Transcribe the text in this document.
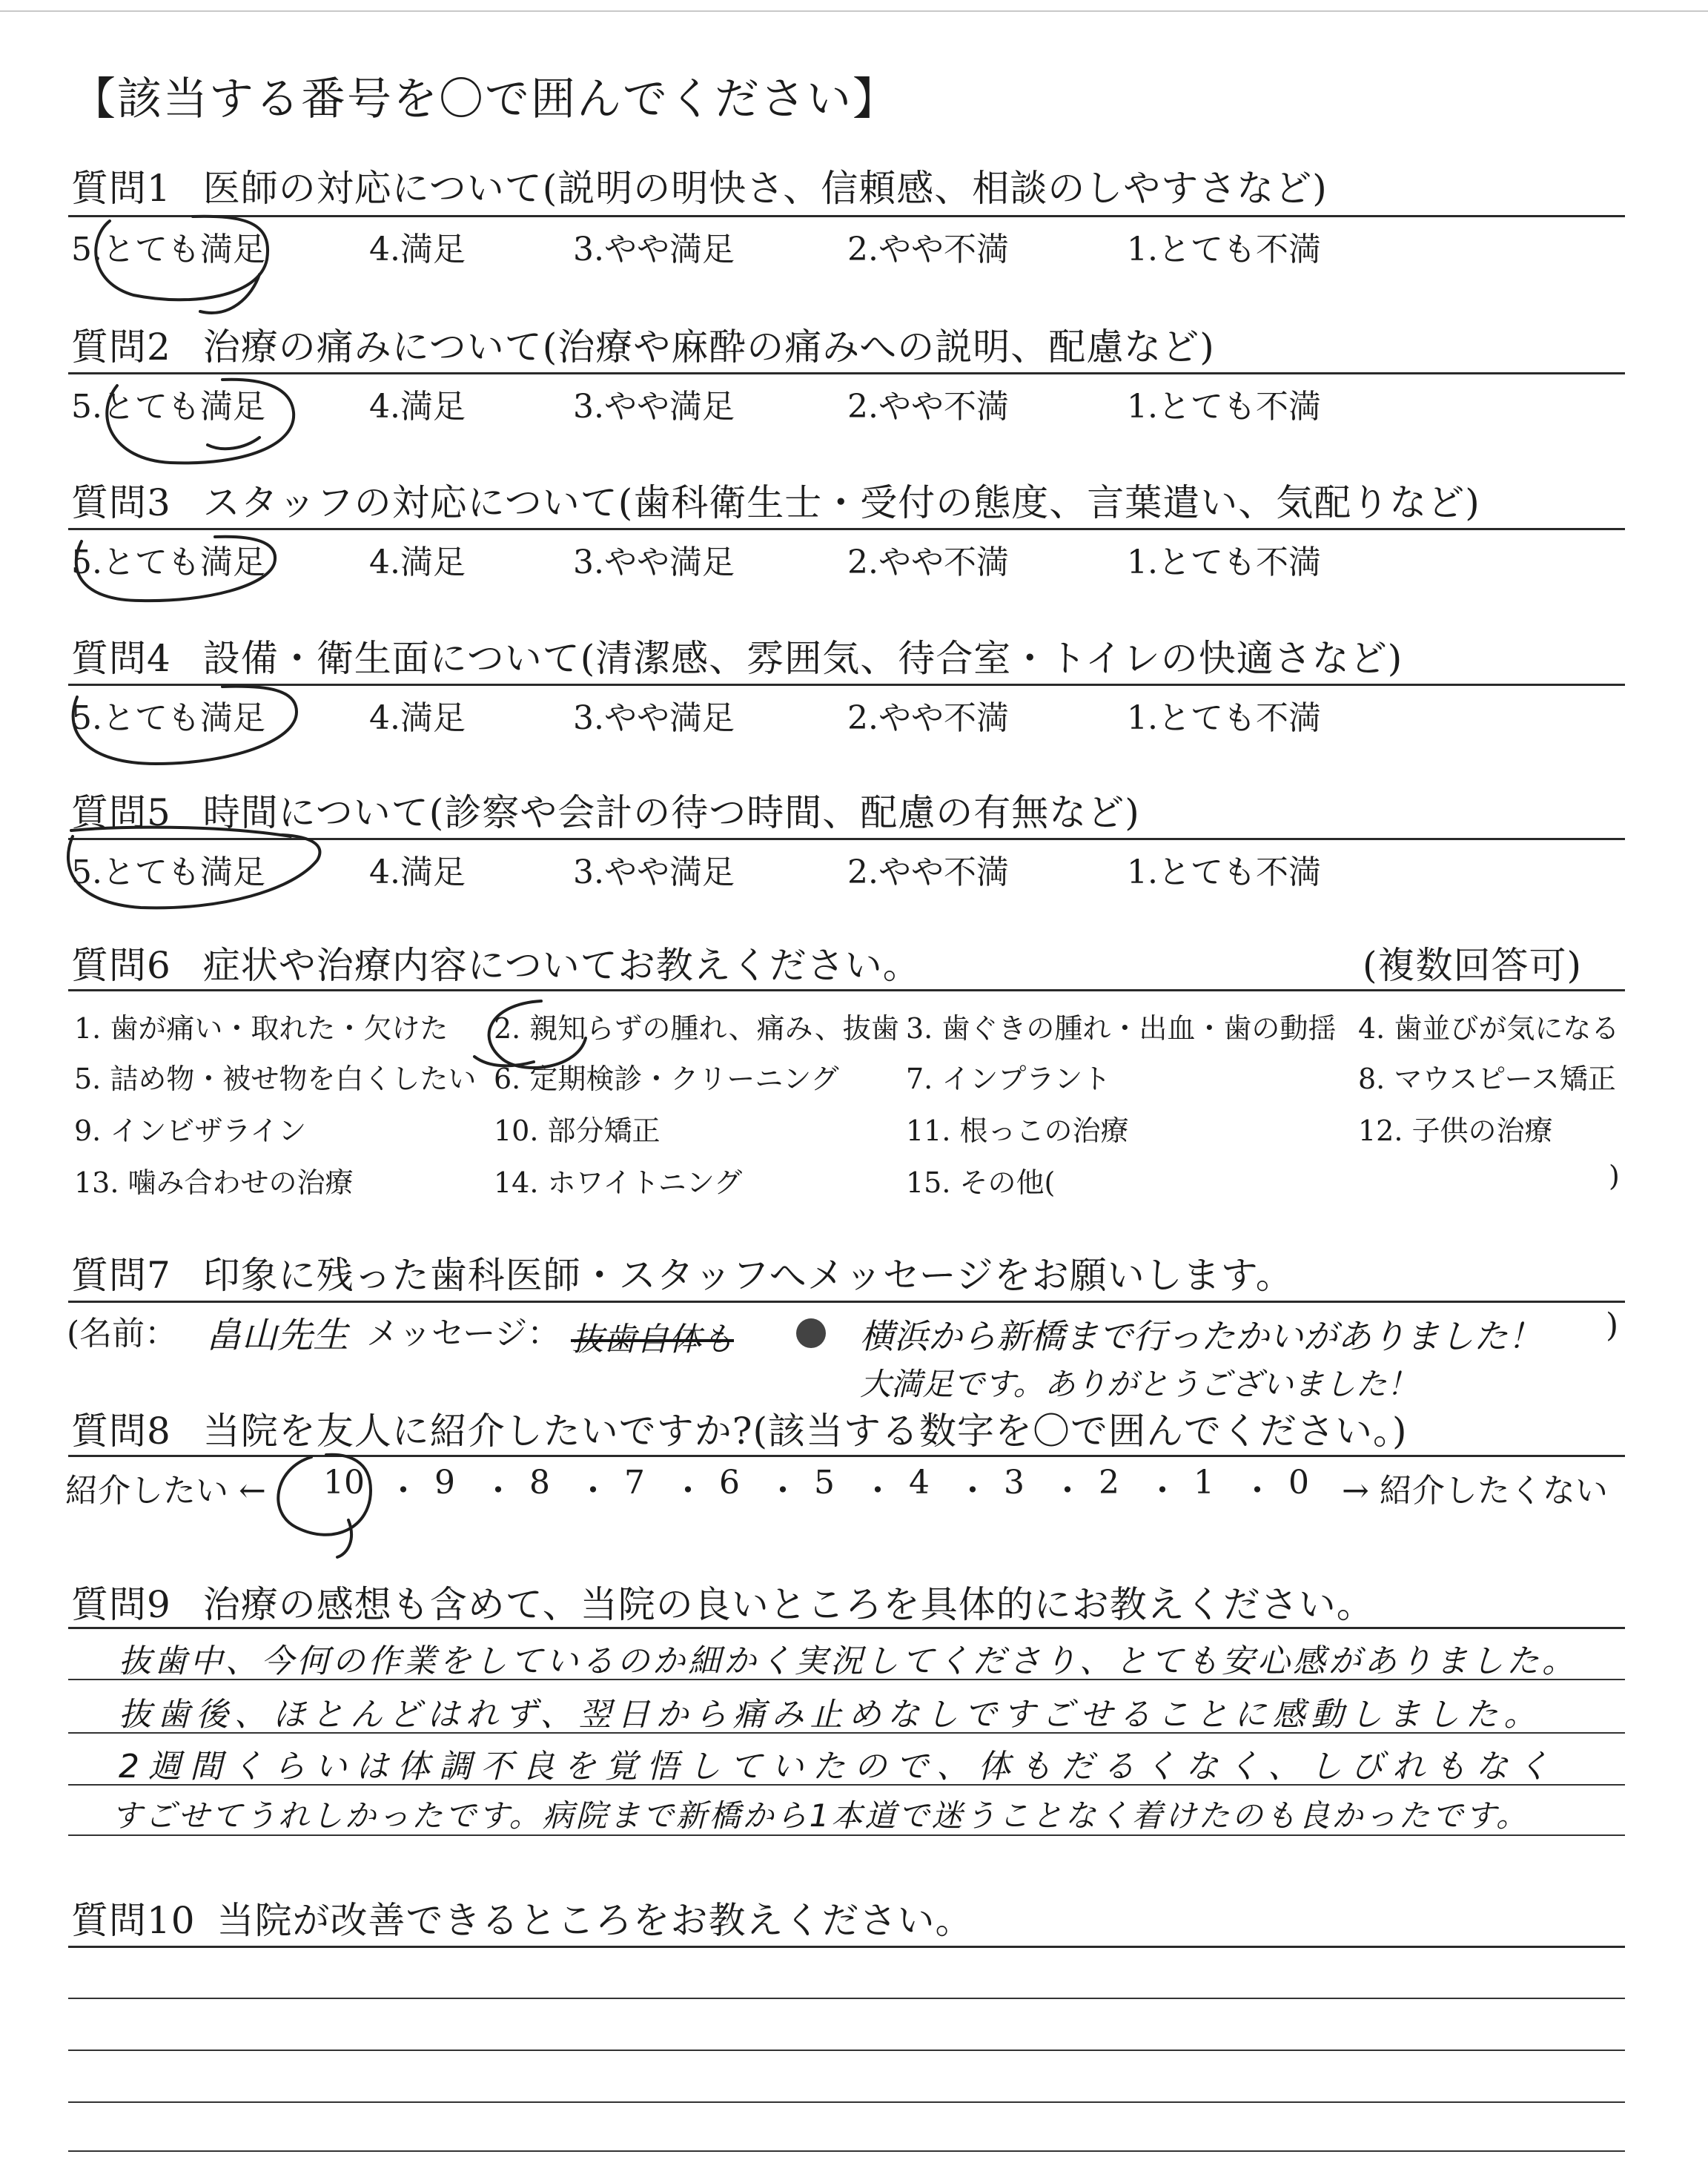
【該当する番号を〇で囲んでください】
質問1 医師の対応について(説明の明快さ、信頼感、相談のしやすさなど)
5.とても満足	4.満足	3.やや満足	2.やや不満	1.とても不満
質問2 治療の痛みについて(治療や麻酔の痛みへの説明、配慮など)
5.とても満足	4.満足	3.やや満足	2.やや不満	1.とても不満
質問3 スタッフの対応について(歯科衛生士・受付の態度、言葉遣い、気配りなど)
5.とても満足	4.満足	3.やや満足	2.やや不満	1.とても不満
質問4 設備・衛生面について(清潔感、雰囲気、待合室・トイレの快適さなど)
5.とても満足	4.満足	3.やや満足	2.やや不満	1.とても不満
質問5 時間について(診察や会計の待つ時間、配慮の有無など)
5.とても満足	4.満足	3.やや満足	2.やや不満	1.とても不満
質問6 症状や治療内容についてお教えください。	(複数回答可)
1. 歯が痛い・取れた・欠けた 2. 親知らずの腫れ、痛み、抜歯 3. 歯ぐきの腫れ・出血・歯の動揺 4. 歯並びが気になる
5. 詰め物・被せ物を白くしたい 6. 定期検診・クリーニング 7. インプラント	8. マウスピース矯正
9. インビザライン	10. 部分矯正	11. 根っこの治療	12. 子供の治療
13. 噛み合わせの治療	14. ホワイトニング	15. その他(	)
質問7 印象に残った歯科医師・スタッフへメッセージをお願いします。
(名前： 畠山先生 メッセージ： 抜歯自体も	横浜から新橋まで行ったかいがありました！ )
大満足です。ありがとうございました！
質問8 当院を友人に紹介したいですか?(該当する数字を〇で囲んでください。)
紹介したい ← 10 ・ 9 ・ 8 ・ 7 ・ 6 ・ 5 ・ 4 ・ 3 ・ 2 ・ 1 ・ 0 → 紹介したくない
質問9 治療の感想も含めて、当院の良いところを具体的にお教えください。
抜歯中、今何の作業をしているのか細かく実況してくださり、とても安心感がありました。
抜歯後、ほとんどはれず、翌日から痛み止めなしですごせることに感動しました。
2週間くらいは体調不良を覚悟していたので、体もだるくなく、しびれもなく
すごせてうれしかったです。病院まで新橋から1本道で迷うことなく着けたのも良かったです。
質問10 当院が改善できるところをお教えください。
